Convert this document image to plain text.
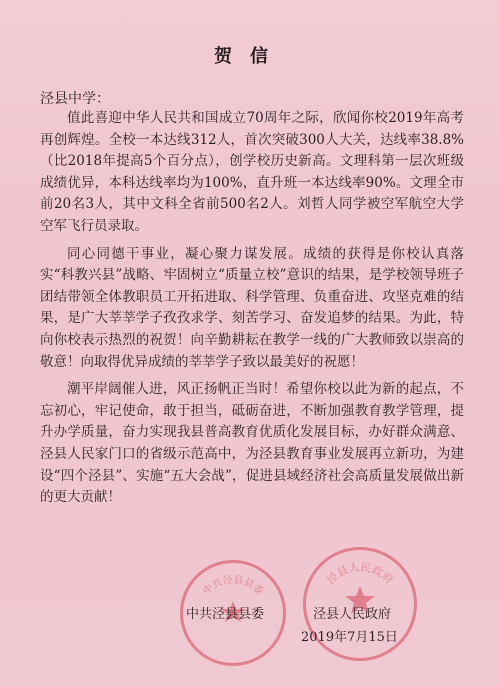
贺信
泾县中学：

值此喜迎中华人民共和国成立70周年之际，欣闻你校2019年高考再创辉煌。全校一本达线312人，首次突破300人大关，达线率38.8%（比2018年提高5个百分点），创学校历史新高。文理科第一层次班级成绩优异，本科达线率均为100%，直升班一本达线率90%。文理全市前20名3人，其中文科全省前500名2人。刘哲人同学被空军航空大学空军飞行员录取。

同心同德干事业，凝心聚力谋发展。成绩的获得是你校认真落实“科教兴县”战略、牢固树立“质量立校”意识的结果，是学校领导班子团结带领全体教职员工开拓进取、科学管理、负重奋进、攻坚克难的结果，是广大莘莘学子孜孜求学、刻苦学习、奋发追梦的结果。为此，特向你校表示热烈的祝贺！向辛勤耕耘在教学一线的广大教师致以崇高的敬意！向取得优异成绩的莘莘学子致以最美好的祝愿！

潮平岸阔催人进，风正扬帆正当时！希望你校以此为新的起点，不忘初心，牢记使命，敢于担当，砥砺奋进，不断加强教育教学管理，提升办学质量，奋力实现我县普高教育优质化发展目标，办好群众满意、泾县人民家门口的省级示范高中，为泾县教育事业发展再立新功，为建设“四个泾县”、实施“五大会战”，促进县域经济社会高质量发展做出新的更大贡献！

中共泾县县委
泾县人民政府
中共泾县县委	泾县人民政府
2019年7月15日
